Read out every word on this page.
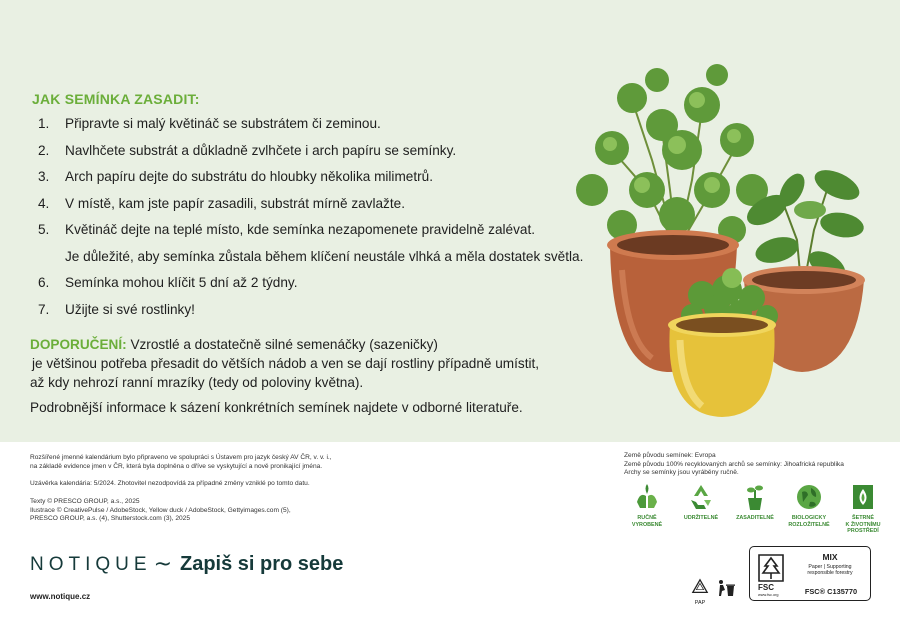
JAK SEMÍNKA ZASADIT:
1.	Připravte si malý květináč se substrátem či zeminou.
2.	Navlhčete substrát a důkladně zvlhčete i arch papíru se semínky.
3.	Arch papíru dejte do substrátu do hloubky několika milimetrů.
4.	V místě, kam jste papír zasadili, substrát mírně zavlažte.
5.	Květináč dejte na teplé místo, kde semínka nezapomenete pravidelně zalévat.
Je důležité, aby semínka zůstala během klíčení neustále vlhká a měla dostatek světla.
6.	Semínka mohou klíčit 5 dní až 2 týdny.
7.	Užijte si své rostlinky!
DOPORUČENÍ: Vzrostlé a dostatečně silné semenáčky (sazeničky)
je většinou potřeba přesadit do větších nádob a ven se dají rostliny případně umístit,
až kdy nehrozí ranní mrazíky (tedy od poloviny května).
Podrobnější informace k sázení konkrétních semínek najdete v odborné literatuře.
Rozšířené jmenné kalendárium bylo připraveno ve spolupráci s Ústavem pro jazyk český AV ČR, v. v. i.,
na základě evidence jmen v ČR, která byla doplněna o dříve se vyskytující a nově pronikající jména.
Uzávěrka kalendária: 5/2024. Zhotovitel nezodpovídá za případné změny vzniklé po tomto datu.
Texty © PRESCO GROUP, a.s., 2025
Ilustrace © CreativePulse / AdobeStock, Yellow duck / AdobeStock, Gettyimages.com (5),
PRESCO GROUP, a.s. (4), Shutterstock.com (3), 2025
NOTIQUE ~ Zapiš si pro sebe
www.notique.cz
Země původu semínek: Evropa
Země původu 100% recyklovaných archů se semínky: Jihoafrická republika
Archy se semínky jsou vyráběny ručně.
RUČNĚ
VYROBENÉ
UDRŽITELNÉ	ZASADITELNÉ	BIOLOGICKY
ROZLOŽITELNÉ
ŠETRNÉ
K ŽIVOTNÍMU
PROSTŘEDÍ
PAP
FSC
www.fsc.org
MIX
Paper | Supporting
responsible forestry
FSC® C135770
